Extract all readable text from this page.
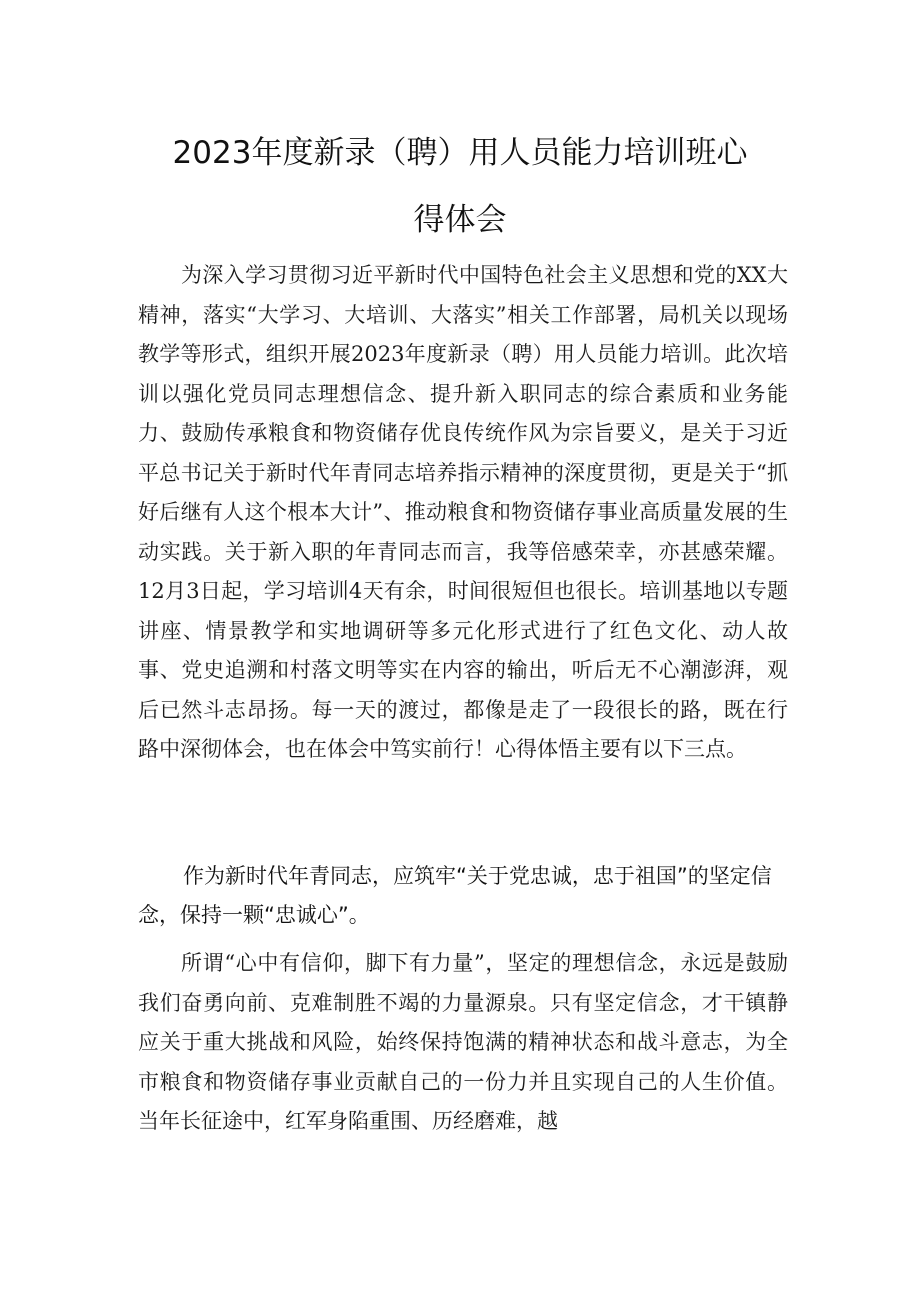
2023年度新录（聘）用人员能力培训班心
得体会

为深入学习贯彻习近平新时代中国特色社会主义思想和党的XX大精神，落实“大学习、大培训、大落实”相关工作部署，局机关以现场教学等形式，组织开展2023年度新录（聘）用人员能力培训。此次培训以强化党员同志理想信念、提升新入职同志的综合素质和业务能力、鼓励传承粮食和物资储存优良传统作风为宗旨要义，是关于习近平总书记关于新时代年青同志培养指示精神的深度贯彻，更是关于“抓好后继有人这个根本大计”、推动粮食和物资储存事业高质量发展的生动实践。关于新入职的年青同志而言，我等倍感荣幸，亦甚感荣耀。12月3日起，学习培训4天有余，时间很短但也很长。培训基地以专题讲座、情景教学和实地调研等多元化形式进行了红色文化、动人故事、党史追溯和村落文明等实在内容的输出，听后无不心潮澎湃，观后已然斗志昂扬。每一天的渡过，都像是走了一段很长的路，既在行路中深彻体会，也在体会中笃实前行！心得体悟主要有以下三点。

作为新时代年青同志，应筑牢“关于党忠诚，忠于祖国”的坚定信念，保持一颗“忠诚心”。

所谓“心中有信仰，脚下有力量”，坚定的理想信念，永远是鼓励我们奋勇向前、克难制胜不竭的力量源泉。只有坚定信念，才干镇静应关于重大挑战和风险，始终保持饱满的精神状态和战斗意志，为全市粮食和物资储存事业贡献自己的一份力并且实现自己的人生价值。当年长征途中，红军身陷重围、历经磨难，越
